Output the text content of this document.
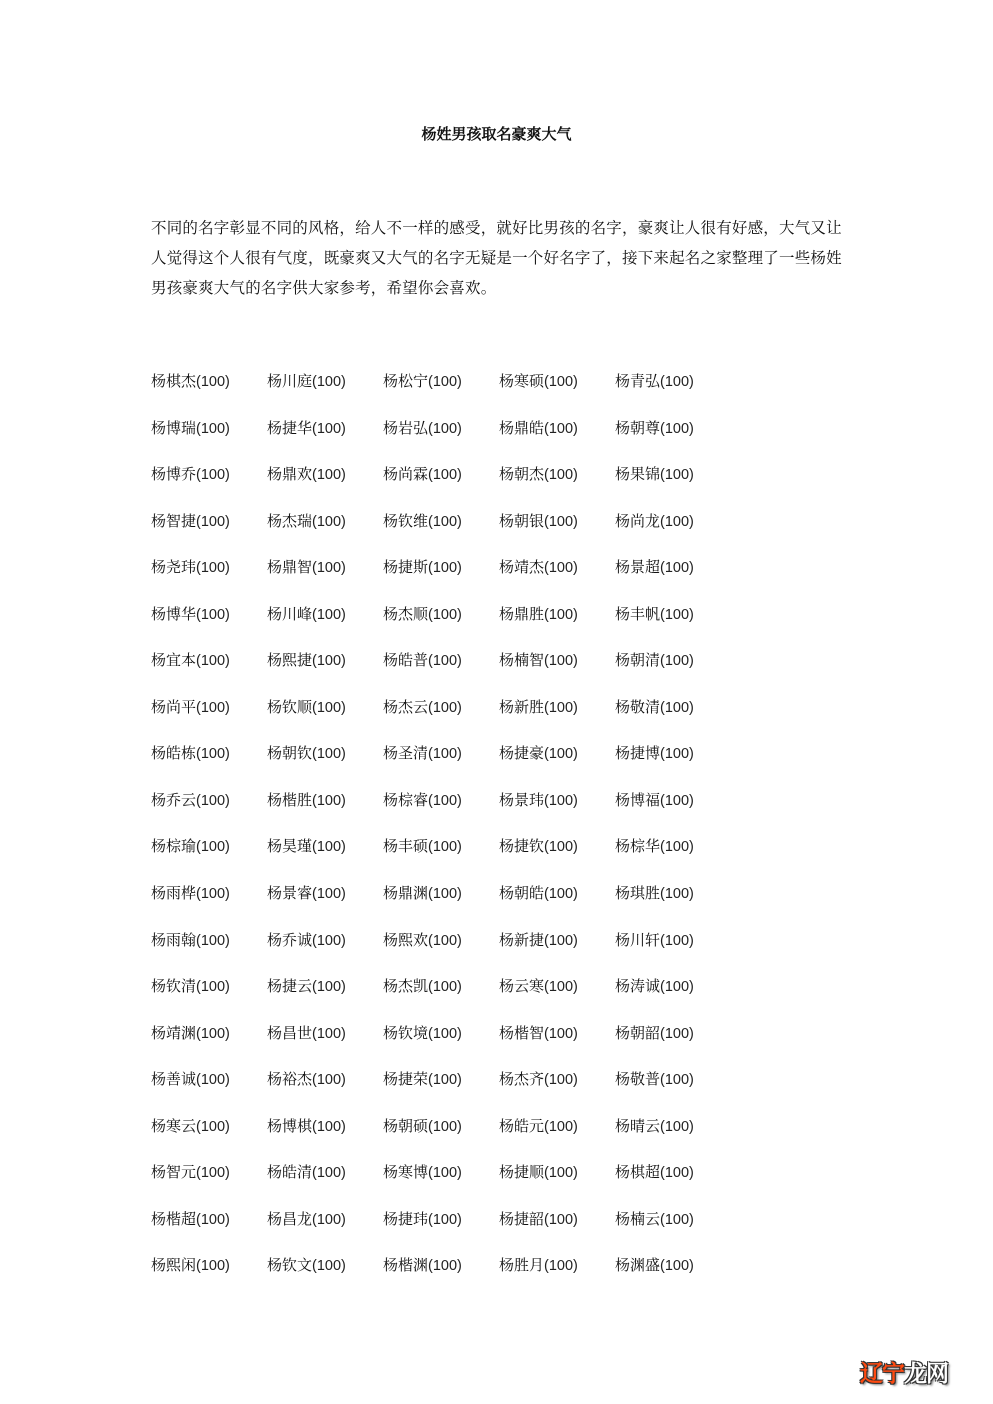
杨姓男孩取名豪爽大气
不同的名字彰显不同的风格，给人不一样的感受，就好比男孩的名字，豪爽让人很有好感，大气又让人觉得这个人很有气度，既豪爽又大气的名字无疑是一个好名字了，接下来起名之家整理了一些杨姓男孩豪爽大气的名字供大家参考，希望你会喜欢。
杨棋杰(100)	杨川庭(100)	杨松宁(100)	杨寒硕(100)	杨青弘(100)
杨博瑞(100)	杨捷华(100)	杨岩弘(100)	杨鼎皓(100)	杨朝尊(100)
杨博乔(100)	杨鼎欢(100)	杨尚霖(100)	杨朝杰(100)	杨果锦(100)
杨智捷(100)	杨杰瑞(100)	杨钦维(100)	杨朝银(100)	杨尚龙(100)
杨尧玮(100)	杨鼎智(100)	杨捷斯(100)	杨靖杰(100)	杨景超(100)
杨博华(100)	杨川峰(100)	杨杰顺(100)	杨鼎胜(100)	杨丰帆(100)
杨宜本(100)	杨熙捷(100)	杨皓普(100)	杨楠智(100)	杨朝清(100)
杨尚平(100)	杨钦顺(100)	杨杰云(100)	杨新胜(100)	杨敬清(100)
杨皓栋(100)	杨朝钦(100)	杨圣清(100)	杨捷豪(100)	杨捷博(100)
杨乔云(100)	杨楷胜(100)	杨棕睿(100)	杨景玮(100)	杨博福(100)
杨棕瑜(100)	杨昊瑾(100)	杨丰硕(100)	杨捷钦(100)	杨棕华(100)
杨雨桦(100)	杨景睿(100)	杨鼎渊(100)	杨朝皓(100)	杨琪胜(100)
杨雨翰(100)	杨乔诚(100)	杨熙欢(100)	杨新捷(100)	杨川轩(100)
杨钦清(100)	杨捷云(100)	杨杰凯(100)	杨云寒(100)	杨涛诚(100)
杨靖渊(100)	杨昌世(100)	杨钦境(100)	杨楷智(100)	杨朝韶(100)
杨善诚(100)	杨裕杰(100)	杨捷荣(100)	杨杰齐(100)	杨敬普(100)
杨寒云(100)	杨博棋(100)	杨朝硕(100)	杨皓元(100)	杨晴云(100)
杨智元(100)	杨皓清(100)	杨寒博(100)	杨捷顺(100)	杨棋超(100)
杨楷超(100)	杨昌龙(100)	杨捷玮(100)	杨捷韶(100)	杨楠云(100)
杨熙闲(100)	杨钦文(100)	杨楷渊(100)	杨胜月(100)	杨渊盛(100)
辽宁龙网
